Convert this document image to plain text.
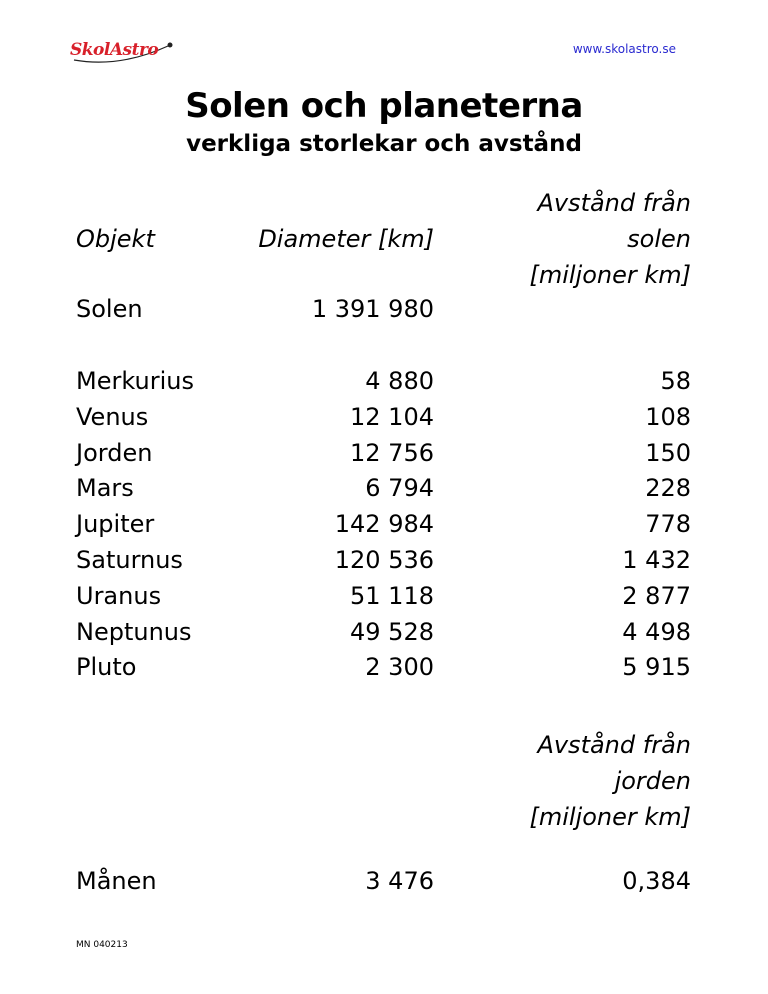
SkolAstro	www.skolastro.se
Solen och planeterna
verkliga storlekar och avstånd
Objekt	Diameter [km]
Avstånd från
solen
[miljoner km]
Solen	1 391 980
Merkurius	4 880	58
Venus	12 104	108
Jorden	12 756	150
Mars	6 794	228
Jupiter	142 984	778
Saturnus	120 536	1 432
Uranus	51 118	2 877
Neptunus	49 528	4 498
Pluto	2 300	5 915
Avstånd från
jorden
[miljoner km]
Månen	3 476	0,384
MN 040213
